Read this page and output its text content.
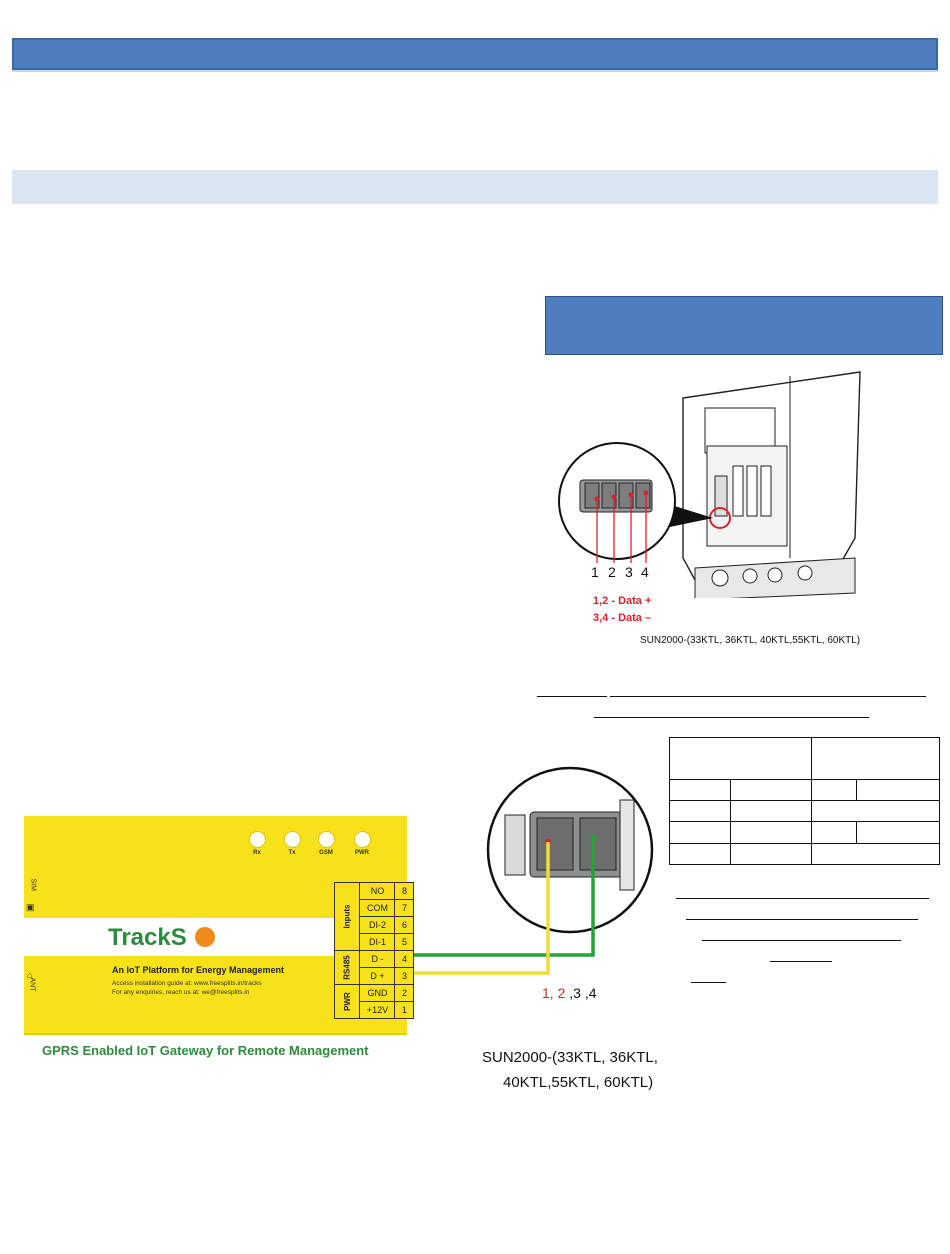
1 2 3 4
1,2 - Data +
3,4 - Data –
SUN2000-(33KTL, 36KTL, 40KTL,55KTL, 60KTL)

1, 2 ,3 ,4
SUN2000-(33KTL, 36KTL,
40KTL,55KTL, 60KTL)
Rx	Tx	GSM	PWR
SIM
▣
ANT
⌂
TrackS
An IoT Platform for Energy Management
Access installation guide at: www.freesplits.in/tracks
For any enquiries, reach us at: we@freesplits.in
Inputs	NO	8
	COM	7
	DI-2	6
	DI-1	5
RS485	D -	4
	D +	3
PWR	GND	2
	+12V	1
GPRS Enabled IoT Gateway for Remote Management
